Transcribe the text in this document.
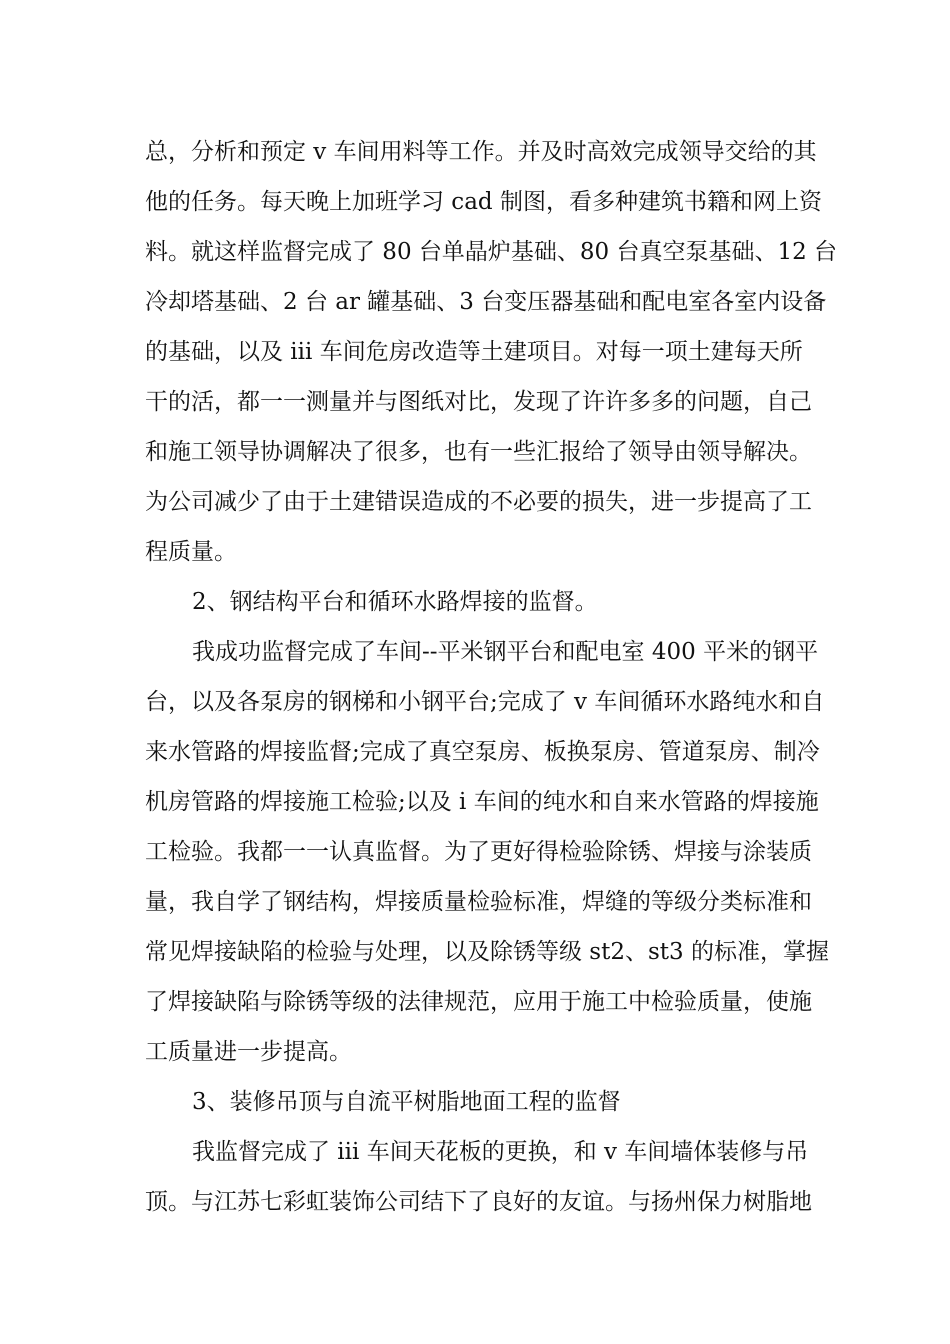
总，分析和预定 v 车间用料等工作。并及时高效完成领导交给的其
他的任务。每天晚上加班学习 cad 制图，看多种建筑书籍和网上资
料。就这样监督完成了 80 台单晶炉基础、80 台真空泵基础、12 台
冷却塔基础、2 台 ar 罐基础、3 台变压器基础和配电室各室内设备
的基础，以及 iii 车间危房改造等土建项目。对每一项土建每天所
干的活，都一一测量并与图纸对比，发现了许许多多的问题，自己
和施工领导协调解决了很多，也有一些汇报给了领导由领导解决。
为公司减少了由于土建错误造成的不必要的损失，进一步提高了工
程质量。
2、钢结构平台和循环水路焊接的监督。
我成功监督完成了车间--平米钢平台和配电室 400 平米的钢平
台，以及各泵房的钢梯和小钢平台;完成了 v 车间循环水路纯水和自
来水管路的焊接监督;完成了真空泵房、板换泵房、管道泵房、制冷
机房管路的焊接施工检验;以及 i 车间的纯水和自来水管路的焊接施
工检验。我都一一认真监督。为了更好得检验除锈、焊接与涂装质
量，我自学了钢结构，焊接质量检验标准，焊缝的等级分类标准和
常见焊接缺陷的检验与处理，以及除锈等级 st2、st3 的标准，掌握
了焊接缺陷与除锈等级的法律规范，应用于施工中检验质量，使施
工质量进一步提高。
3、装修吊顶与自流平树脂地面工程的监督
我监督完成了 iii 车间天花板的更换，和 v 车间墙体装修与吊
顶。与江苏七彩虹装饰公司结下了良好的友谊。与扬州保力树脂地
